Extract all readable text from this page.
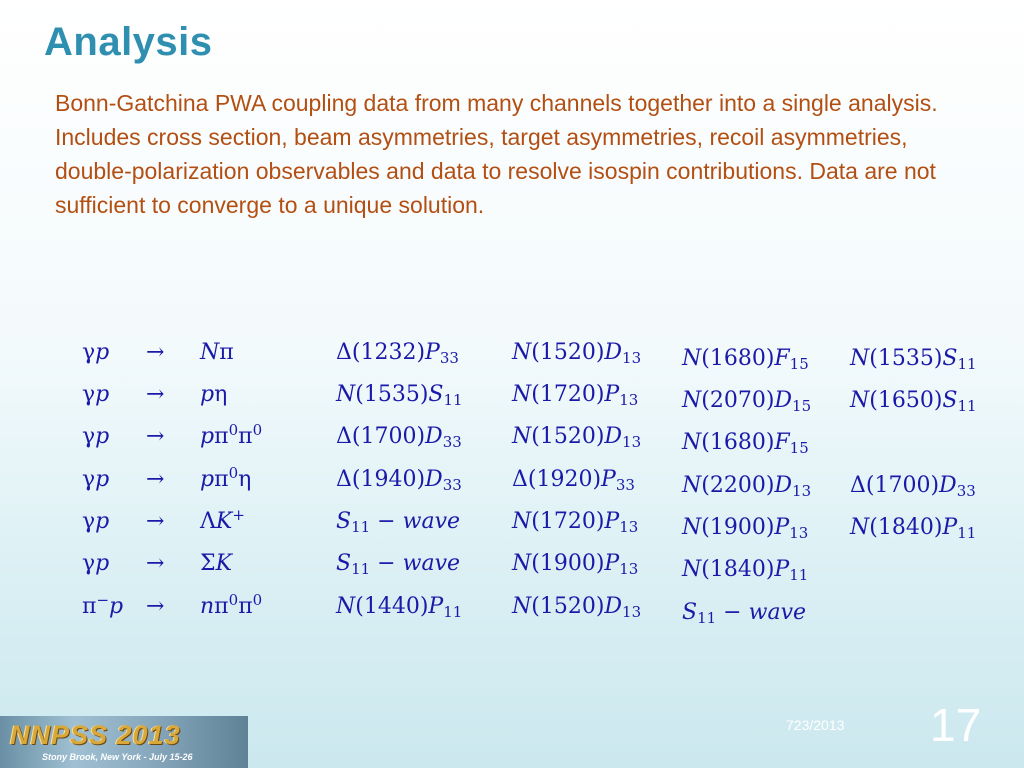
Analysis

Bonn-Gatchina PWA coupling data from many channels together into a single analysis. Includes cross section, beam asymmetries, target asymmetries, recoil asymmetries, double-polarization observables and data to resolve isospin contributions. Data are not sufficient to converge to a unique solution.

γp → Nπ	$\Delta(1232)P_{33}$ $N(1520)D_{13}$ $N(1680)F_{15}$ $N(1535)S_{11}$
γp → pη	$N(1535)S_{11}$ $N(1720)P_{13}$ $N(2070)D_{15}$ $N(1650)S_{11}$
$\gamma p \to p\pi^0\pi^0$	$\Delta(1700)D_{33}$ $N(1520)D_{13}$ $N(1680)F_{15}$
$\gamma p \to p\pi^0\eta$	$\Delta(1940)D_{33}$ $\Delta(1920)P_{33}$ $N(2200)D_{13}$ $\Delta(1700)D_{33}$
γp → ΛK+	$S_{11}$ − wave $N(1720)P_{13}$ $N(1900)P_{13}$ $N(1840)P_{11}$
γp → ΣK	$S_{11}$ − wave $N(1900)P_{13}$ $N(1840)P_{11}$
$\pi^-p \to n\pi^0\pi^0$	$N(1440)P_{11}$ $N(1520)D_{13}$ $S_{11}$ − wave
NNPSS 2013
Stony Brook, New York - July 15-26
723/2013 17
